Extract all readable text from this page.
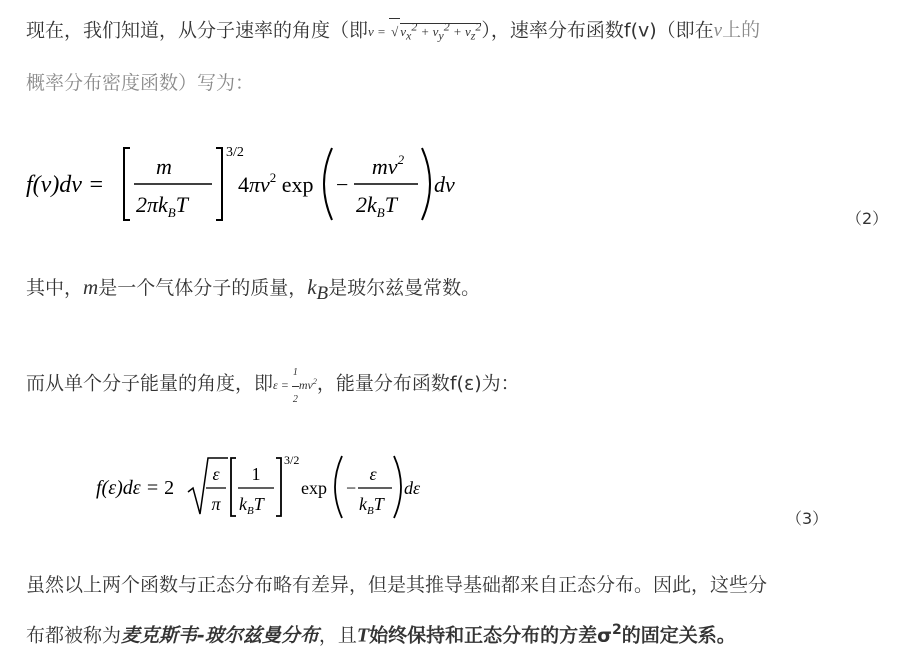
现在，我们知道，从分子速率的角度（即v = √ $v_x^2 + v_y^2 + v_z^2$），速率分布函数f(v)（即在v上的
概率分布密度函数）写为：
f(v)dv =
m
$2\pi k_BT$
3/2
$4\pi v^2$ exp −
$mv^2$
$2k_BT$
dv
（2）
其中，m是一个气体分子的质量，$k_B$是玻尔兹曼常数。
而从单个分子能量的角度，即$\varepsilon = \frac{1}{2} mv^2$，能量分布函数f(ε)为：
f(ε)dε = 2
ε
π
1
$k_BT$
3/2
exp −
ε
$k_BT$
dε
（3）
虽然以上两个函数与正态分布略有差异，但是其推导基础都来自正态分布。因此，这些分
布都被称为麦克斯韦-玻尔兹曼分布，且T始终保持和正态分布的方差$\sigma^2$的固定关系。
